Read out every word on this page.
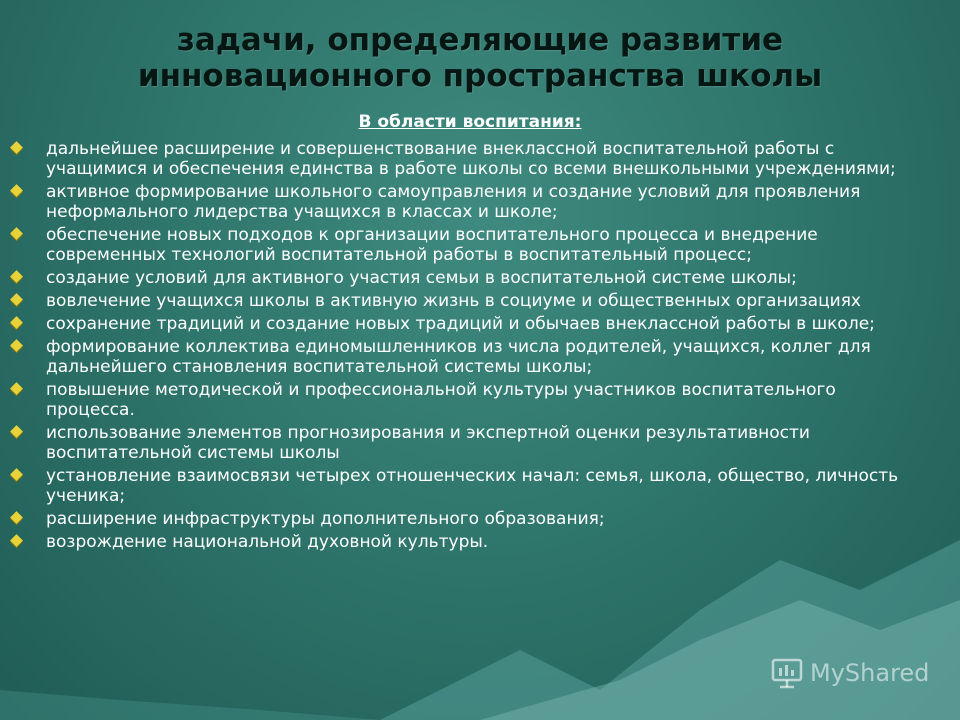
задачи, определяющие развитие
инновационного пространства школы
В области воспитания:
дальнейшее расширение и совершенствование внеклассной воспитательной работы с учащимися и обеспечения единства в работе школы со всеми внешкольными учреждениями;
активное формирование школьного самоуправления и создание условий для проявления неформального лидерства учащихся в классах и школе;
обеспечение новых подходов к организации воспитательного процесса и внедрение современных технологий воспитательной работы в воспитательный процесс;
создание условий для активного участия семьи в воспитательной системе школы;
вовлечение учащихся школы в активную жизнь в социуме и общественных организациях
сохранение традиций и создание новых традиций и обычаев внеклассной работы в школе;
формирование коллектива единомышленников из числа родителей, учащихся, коллег для дальнейшего становления воспитательной системы школы;
повышение методической и профессиональной культуры участников воспитательного процесса.
использование элементов прогнозирования и экспертной оценки результативности воспитательной системы школы
установление взаимосвязи четырех отношенческих начал: семья, школа, общество, личность ученика;
расширение инфраструктуры дополнительного образования;
возрождение национальной духовной культуры.
MyShared
